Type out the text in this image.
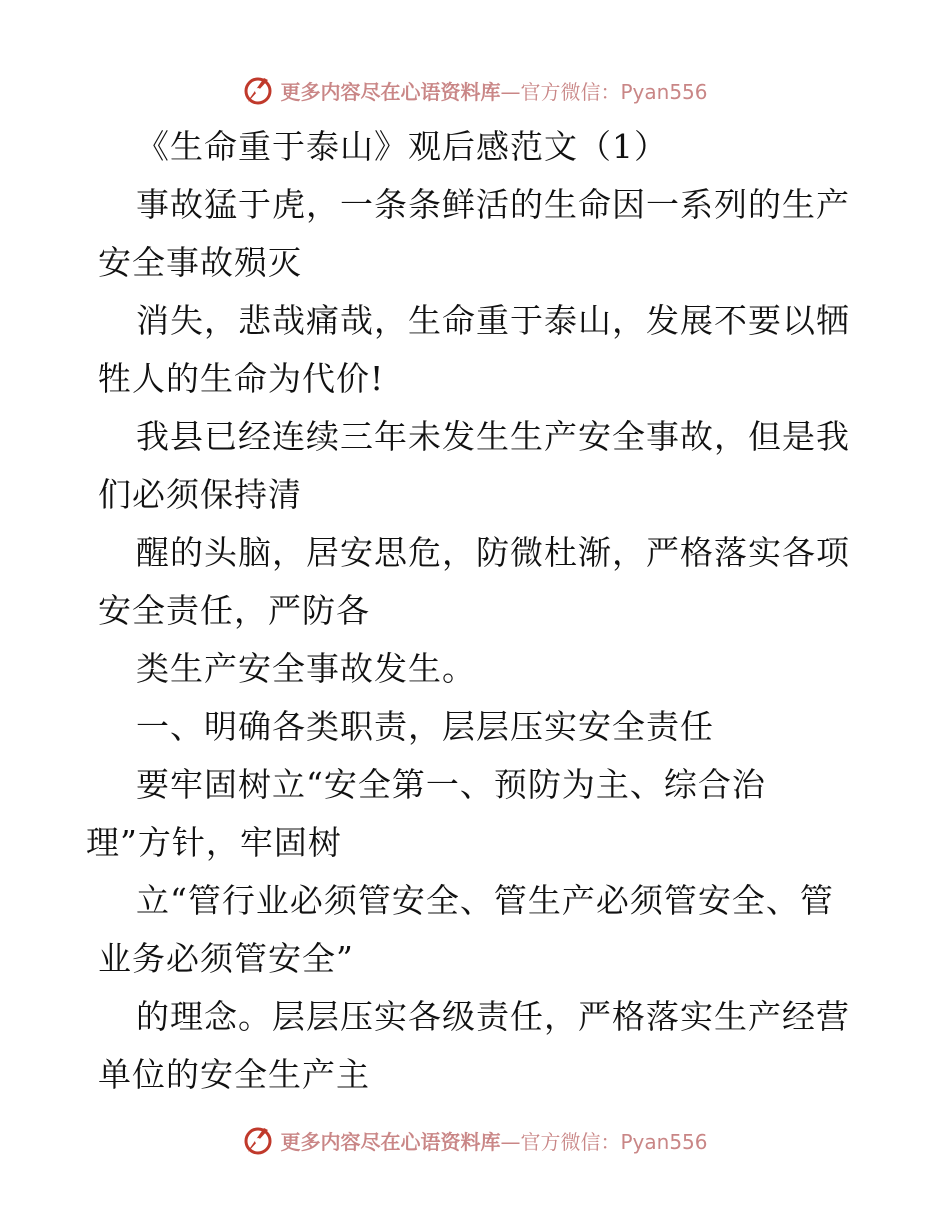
更多内容尽在心语资料库—官方微信：Pyan556
《生命重于泰山》观后感范文（1）
事故猛于虎，一条条鲜活的生命因一系列的生产
安全事故殒灭
消失，悲哉痛哉，生命重于泰山，发展不要以牺
牲人的生命为代价!
我县已经连续三年未发生生产安全事故，但是我
们必须保持清
醒的头脑，居安思危，防微杜渐，严格落实各项
安全责任，严防各
类生产安全事故发生。
一、明确各类职责，层层压实安全责任
要牢固树立“安全第一、预防为主、综合治
理”方针，牢固树
立“管行业必须管安全、管生产必须管安全、管
业务必须管安全”
的理念。层层压实各级责任，严格落实生产经营
单位的安全生产主
更多内容尽在心语资料库—官方微信：Pyan556
